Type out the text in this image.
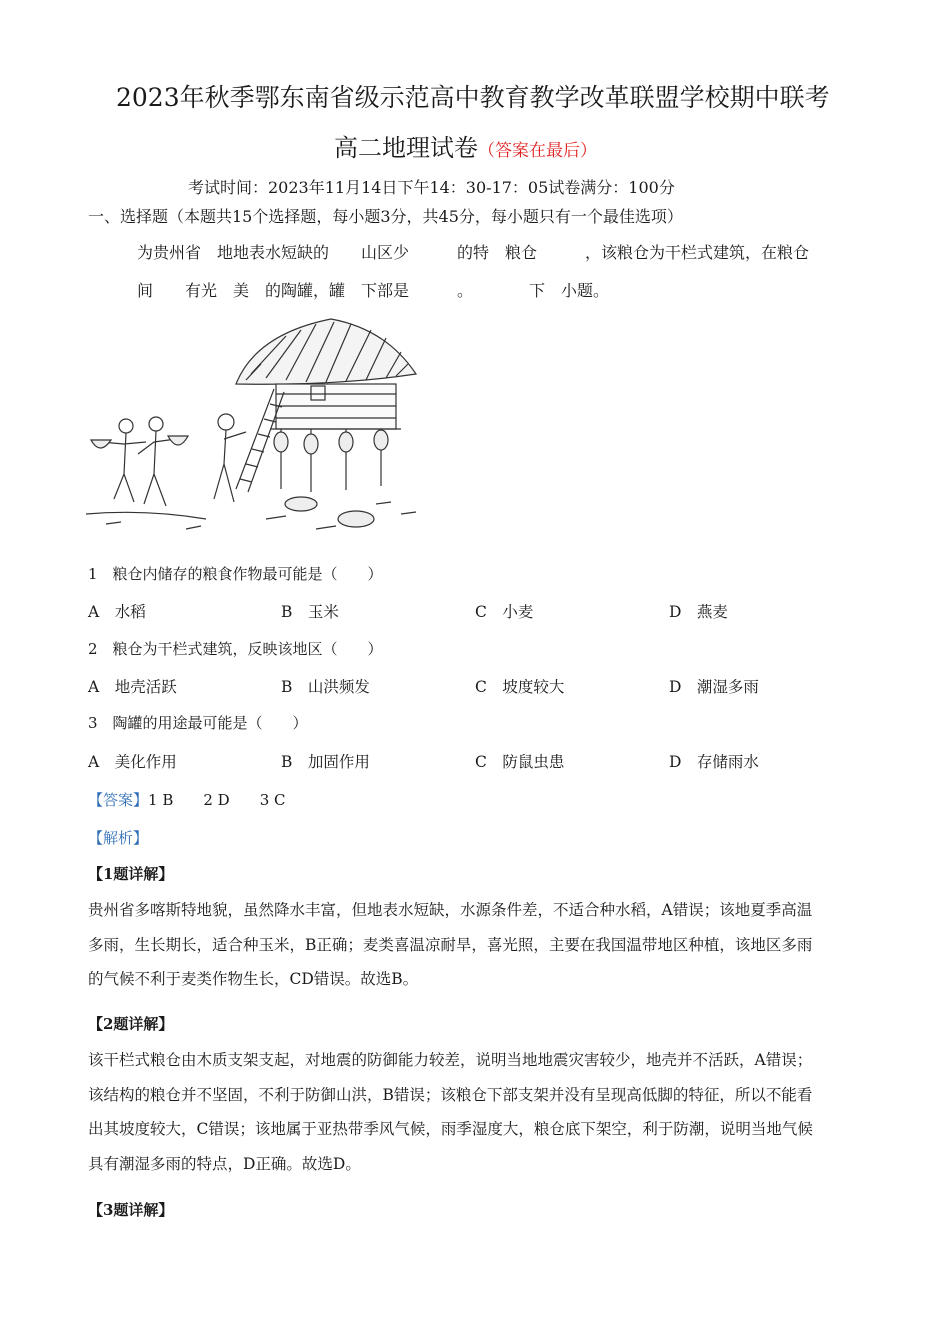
2023年秋季鄂东南省级示范高中教育教学改革联盟学校期中联考
高二地理试卷（答案在最后）
考试时间：2023年11月14日下午14：30-17：05试卷满分：100分
一、选择题（本题共15个选择题，每小题3分，共45分，每小题只有一个最佳选项）
为贵州省　地地表水短缺的　　山区少　　　的特　粮仓　　　，该粮仓为干栏式建筑，在粮仓
间　　有光　美　的陶罐，罐　下部是　　　。　　　　下　小题。
1　粮仓内储存的粮食作物最可能是（　　）
A　水稻	B　玉米	C　小麦	D　燕麦
2　粮仓为干栏式建筑，反映该地区（　　）
A　地壳活跃	B　山洪频发	C　坡度较大	D　潮湿多雨
3　陶罐的用途最可能是（　　）
A　美化作用	B　加固作用	C　防鼠虫患	D　存储雨水
【答案】1 B　　2 D　　3 C
【解析】
【1题详解】
贵州省多喀斯特地貌，虽然降水丰富，但地表水短缺，水源条件差，不适合种水稻，A错误；该地夏季高温
多雨，生长期长，适合种玉米，B正确；麦类喜温凉耐旱，喜光照，主要在我国温带地区种植，该地区多雨
的气候不利于麦类作物生长，CD错误。故选B。
【2题详解】
该干栏式粮仓由木质支架支起，对地震的防御能力较差，说明当地地震灾害较少，地壳并不活跃，A错误；
该结构的粮仓并不坚固，不利于防御山洪，B错误；该粮仓下部支架并没有呈现高低脚的特征，所以不能看
出其坡度较大，C错误；该地属于亚热带季风气候，雨季湿度大，粮仓底下架空，利于防潮，说明当地气候
具有潮湿多雨的特点，D正确。故选D。
【3题详解】
